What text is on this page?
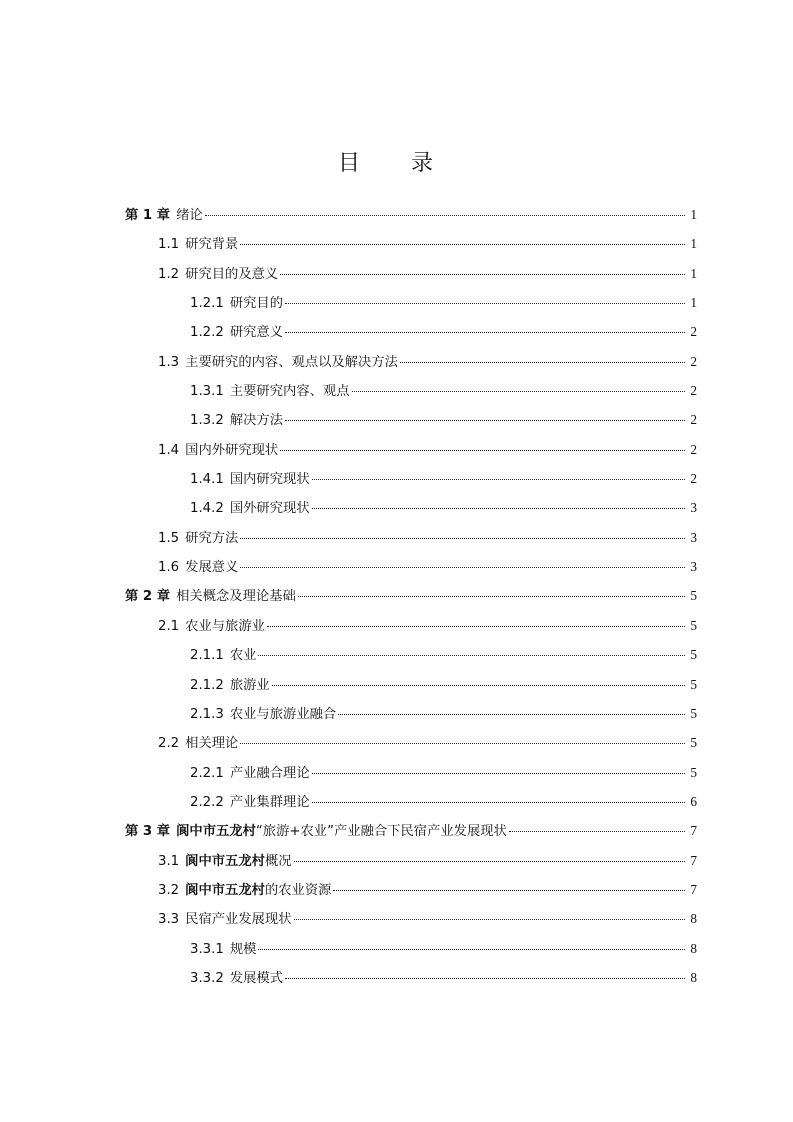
目 录
第 1 章 绪论	1
1.1 研究背景	1
1.2 研究目的及意义	1
1.2.1 研究目的	1
1.2.2 研究意义	2
1.3 主要研究的内容、观点以及解决方法	2
1.3.1 主要研究内容、观点	2
1.3.2 解决方法	2
1.4 国内外研究现状	2
1.4.1 国内研究现状	2
1.4.2 国外研究现状	3
1.5 研究方法	3
1.6 发展意义	3
第 2 章 相关概念及理论基础	5
2.1 农业与旅游业	5
2.1.1 农业	5
2.1.2 旅游业	5
2.1.3 农业与旅游业融合	5
2.2 相关理论	5
2.2.1 产业融合理论	5
2.2.2 产业集群理论	6
第 3 章 阆中市五龙村“旅游+农业”产业融合下民宿产业发展现状	7
3.1 阆中市五龙村概况	7
3.2 阆中市五龙村的农业资源	7
3.3 民宿产业发展现状	8
3.3.1 规模	8
3.3.2 发展模式	8
